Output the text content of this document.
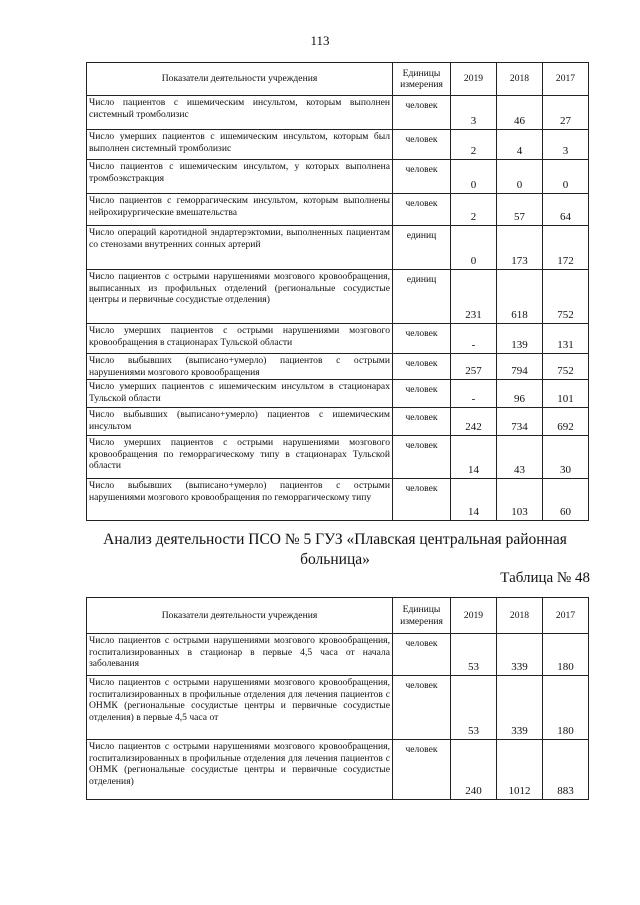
113
Показатели деятельности учреждения	Единицы измерения	2019	2018	2017
Число пациентов с ишемическим инсультом, которым выполнен системный тромболизис	человек	3	46	27
Число умерших пациентов с ишемическим инсультом, которым был выполнен системный тромболизис	человек	2	4	3
Число пациентов с ишемическим инсультом, у которых выполнена тромбоэкстракция	человек	0	0	0
Число пациентов с геморрагическим инсультом, которым выполнены нейрохирургические вмешательства	человек	2	57	64
Число операций каротидной эндартерэктомии, выполненных пациентам со стенозами внутренних сонных артерий	единиц	0	173	172
Число пациентов с острыми нарушениями мозгового кровообращения, выписанных из профильных отделений (региональные сосудистые центры и первичные сосудистые отделения)	единиц	231	618	752
Число умерших пациентов с острыми нарушениями мозгового кровообращения в стационарах Тульской области	человек	-	139	131
Число выбывших (выписано+умерло) пациентов с острыми нарушениями мозгового кровообращения	человек	257	794	752
Число умерших пациентов с ишемическим инсультом в стационарах Тульской области	человек	-	96	101
Число выбывших (выписано+умерло) пациентов с ишемическим инсультом	человек	242	734	692
Число умерших пациентов с острыми нарушениями мозгового кровообращения по геморрагическому типу в стационарах Тульской области	человек	14	43	30
Число выбывших (выписано+умерло) пациентов с острыми нарушениями мозгового кровообращения по геморрагическому типу	человек	14	103	60
Анализ деятельности ПСО № 5 ГУЗ «Плавская центральная районная больница»
Таблица № 48
Показатели деятельности учреждения	Единицы измерения	2019	2018	2017
Число пациентов с острыми нарушениями мозгового кровообращения, госпитализированных в стационар в первые 4,5 часа от начала заболевания	человек	53	339	180
Число пациентов с острыми нарушениями мозгового кровообращения, госпитализированных в профильные отделения для лечения пациентов с ОНМК (региональные сосудистые центры и первичные сосудистые отделения) в первые 4,5 часа от	человек	53	339	180
Число пациентов с острыми нарушениями мозгового кровообращения, госпитализированных в профильные отделения для лечения пациентов с ОНМК (региональные сосудистые центры и первичные сосудистые отделения)	человек	240	1012	883
